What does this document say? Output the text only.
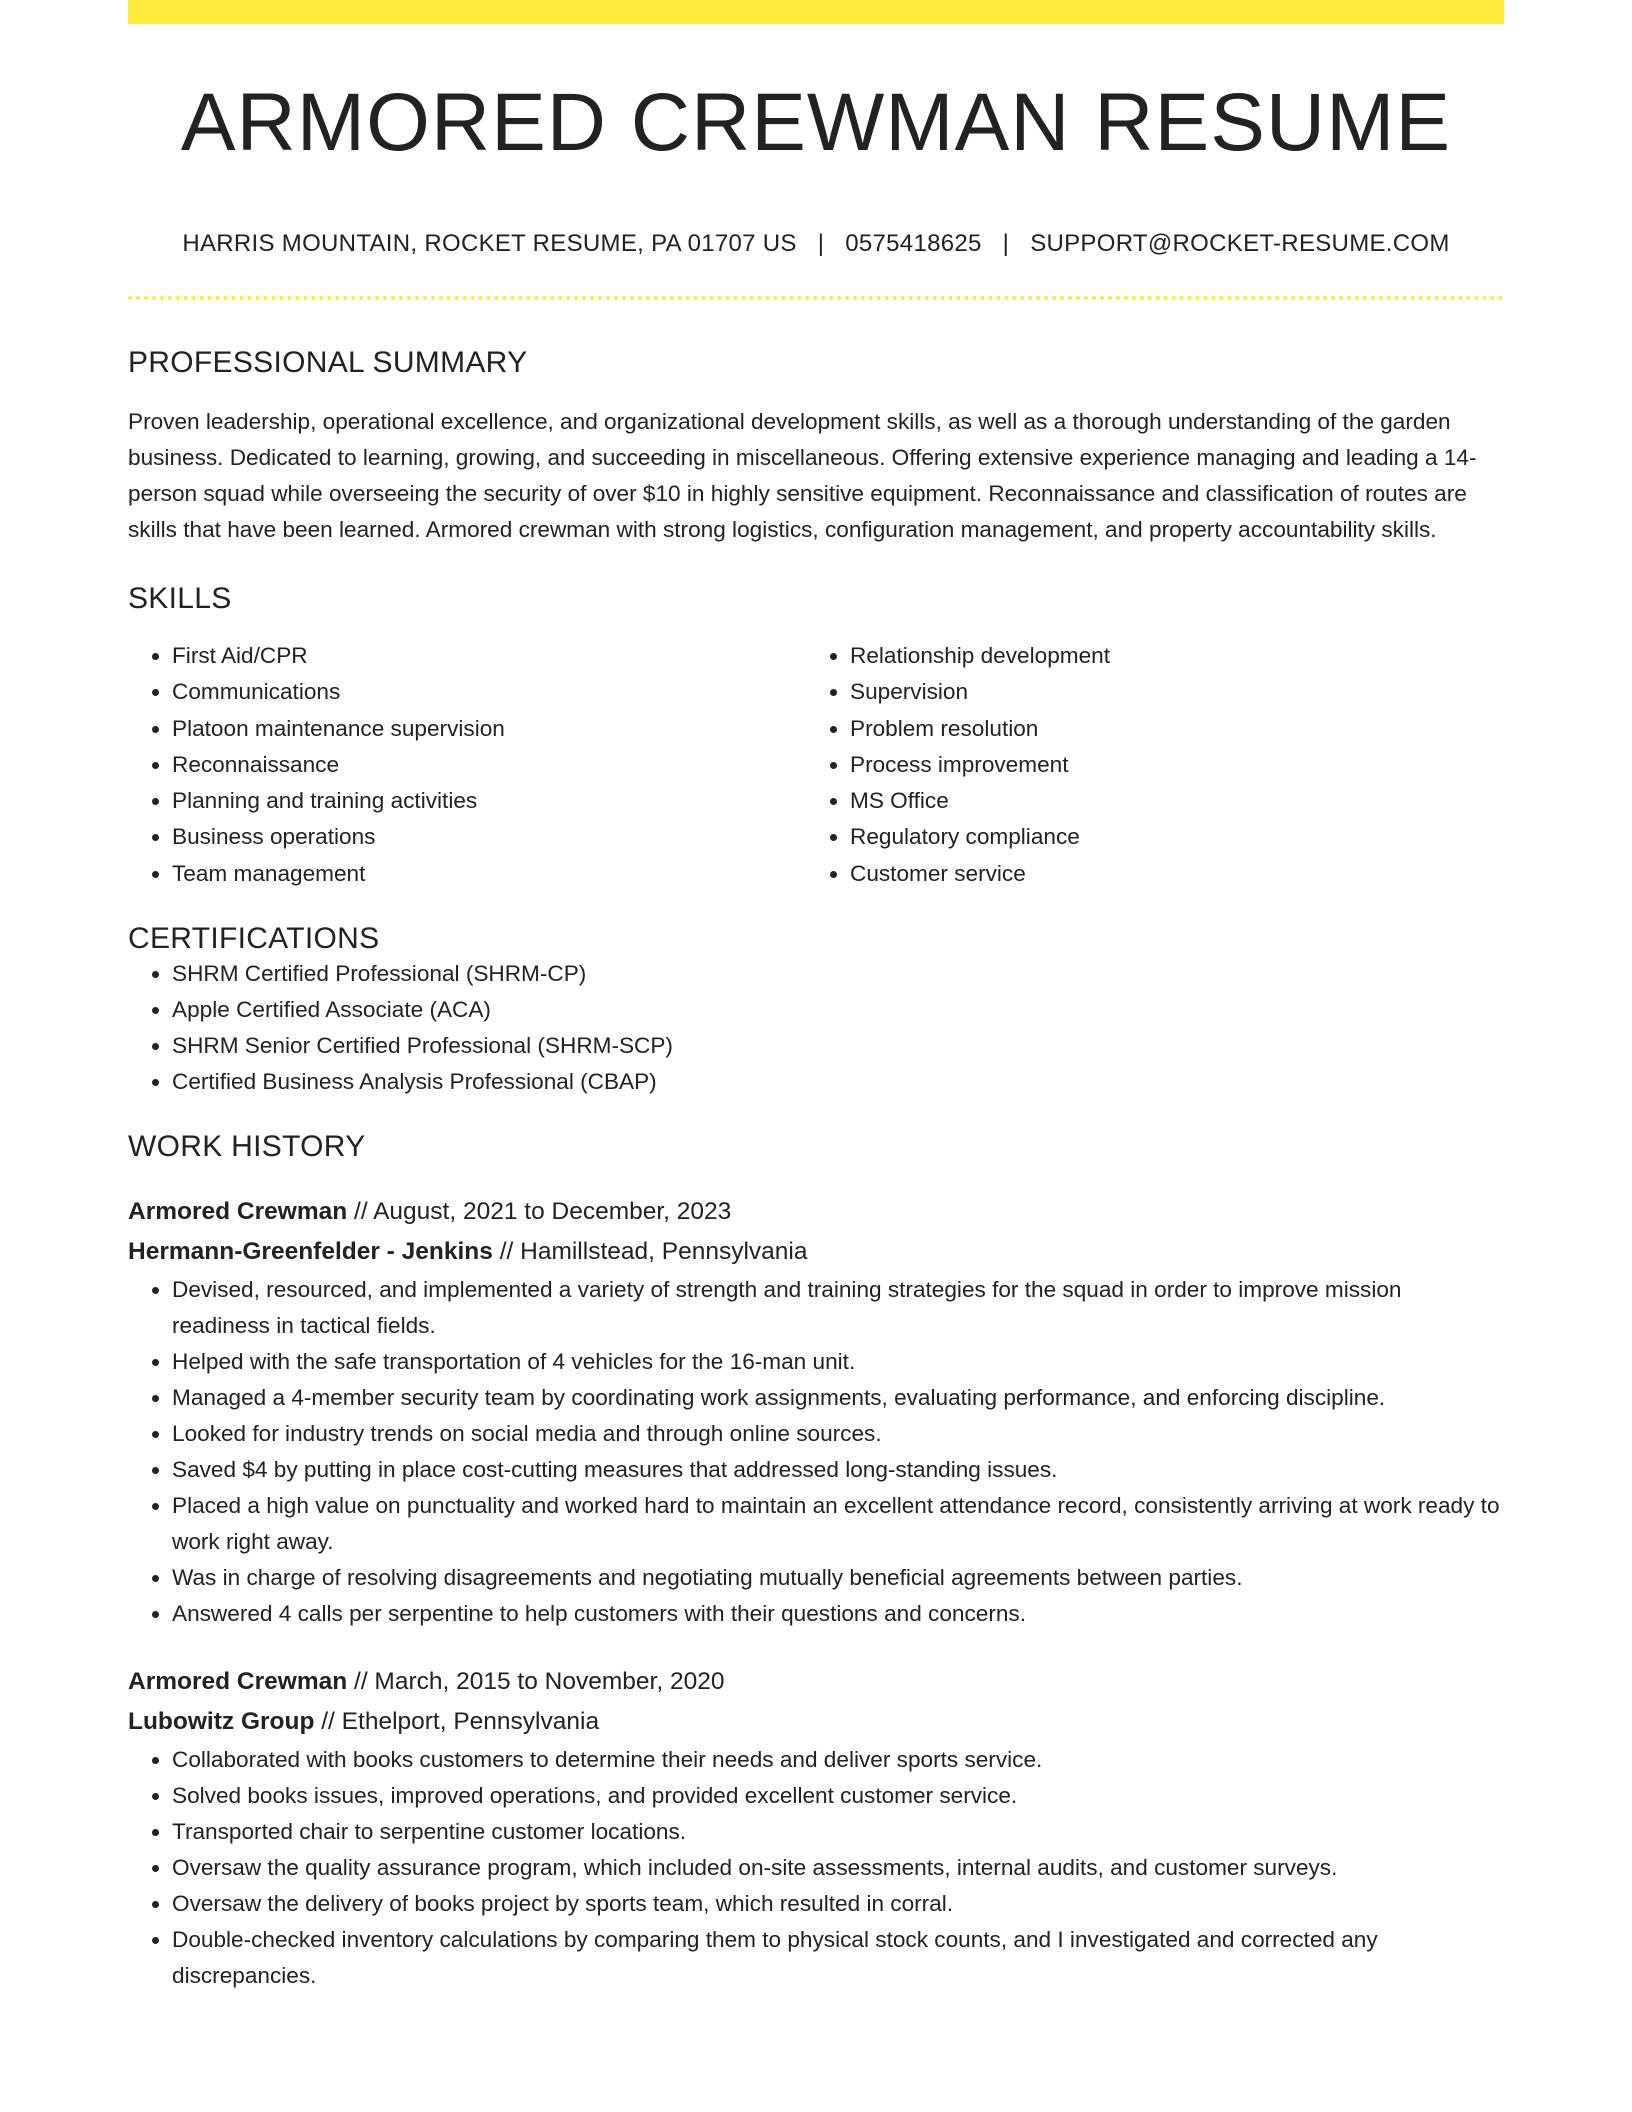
ARMORED CREWMAN RESUME
HARRIS MOUNTAIN, ROCKET RESUME, PA 01707 US | 0575418625 | SUPPORT@ROCKET-RESUME.COM
PROFESSIONAL SUMMARY

Proven leadership, operational excellence, and organizational development skills, as well as a thorough understanding of the garden business. Dedicated to learning, growing, and succeeding in miscellaneous. Offering extensive experience managing and leading a 14-person squad while overseeing the security of over $10 in highly sensitive equipment. Reconnaissance and classification of routes are skills that have been learned. Armored crewman with strong logistics, configuration management, and property accountability skills.

SKILLS
• First Aid/CPR
• Communications
• Platoon maintenance supervision
• Reconnaissance
• Planning and training activities
• Business operations
• Team management
• Relationship development
• Supervision
• Problem resolution
• Process improvement
• MS Office
• Regulatory compliance
• Customer service
CERTIFICATIONS
• SHRM Certified Professional (SHRM-CP)
• Apple Certified Associate (ACA)
• SHRM Senior Certified Professional (SHRM-SCP)
• Certified Business Analysis Professional (CBAP)
WORK HISTORY
Armored Crewman // August, 2021 to December, 2023
Hermann-Greenfelder - Jenkins // Hamillstead, Pennsylvania
• Devised, resourced, and implemented a variety of strength and training strategies for the squad in order to improve mission readiness in tactical fields.
• Helped with the safe transportation of 4 vehicles for the 16-man unit.
• Managed a 4-member security team by coordinating work assignments, evaluating performance, and enforcing discipline.
• Looked for industry trends on social media and through online sources.
• Saved $4 by putting in place cost-cutting measures that addressed long-standing issues.
• Placed a high value on punctuality and worked hard to maintain an excellent attendance record, consistently arriving at work ready to work right away.
• Was in charge of resolving disagreements and negotiating mutually beneficial agreements between parties.
• Answered 4 calls per serpentine to help customers with their questions and concerns.
Armored Crewman // March, 2015 to November, 2020
Lubowitz Group // Ethelport, Pennsylvania
• Collaborated with books customers to determine their needs and deliver sports service.
• Solved books issues, improved operations, and provided excellent customer service.
• Transported chair to serpentine customer locations.
• Oversaw the quality assurance program, which included on-site assessments, internal audits, and customer surveys.
• Oversaw the delivery of books project by sports team, which resulted in corral.
• Double-checked inventory calculations by comparing them to physical stock counts, and I investigated and corrected any discrepancies.
